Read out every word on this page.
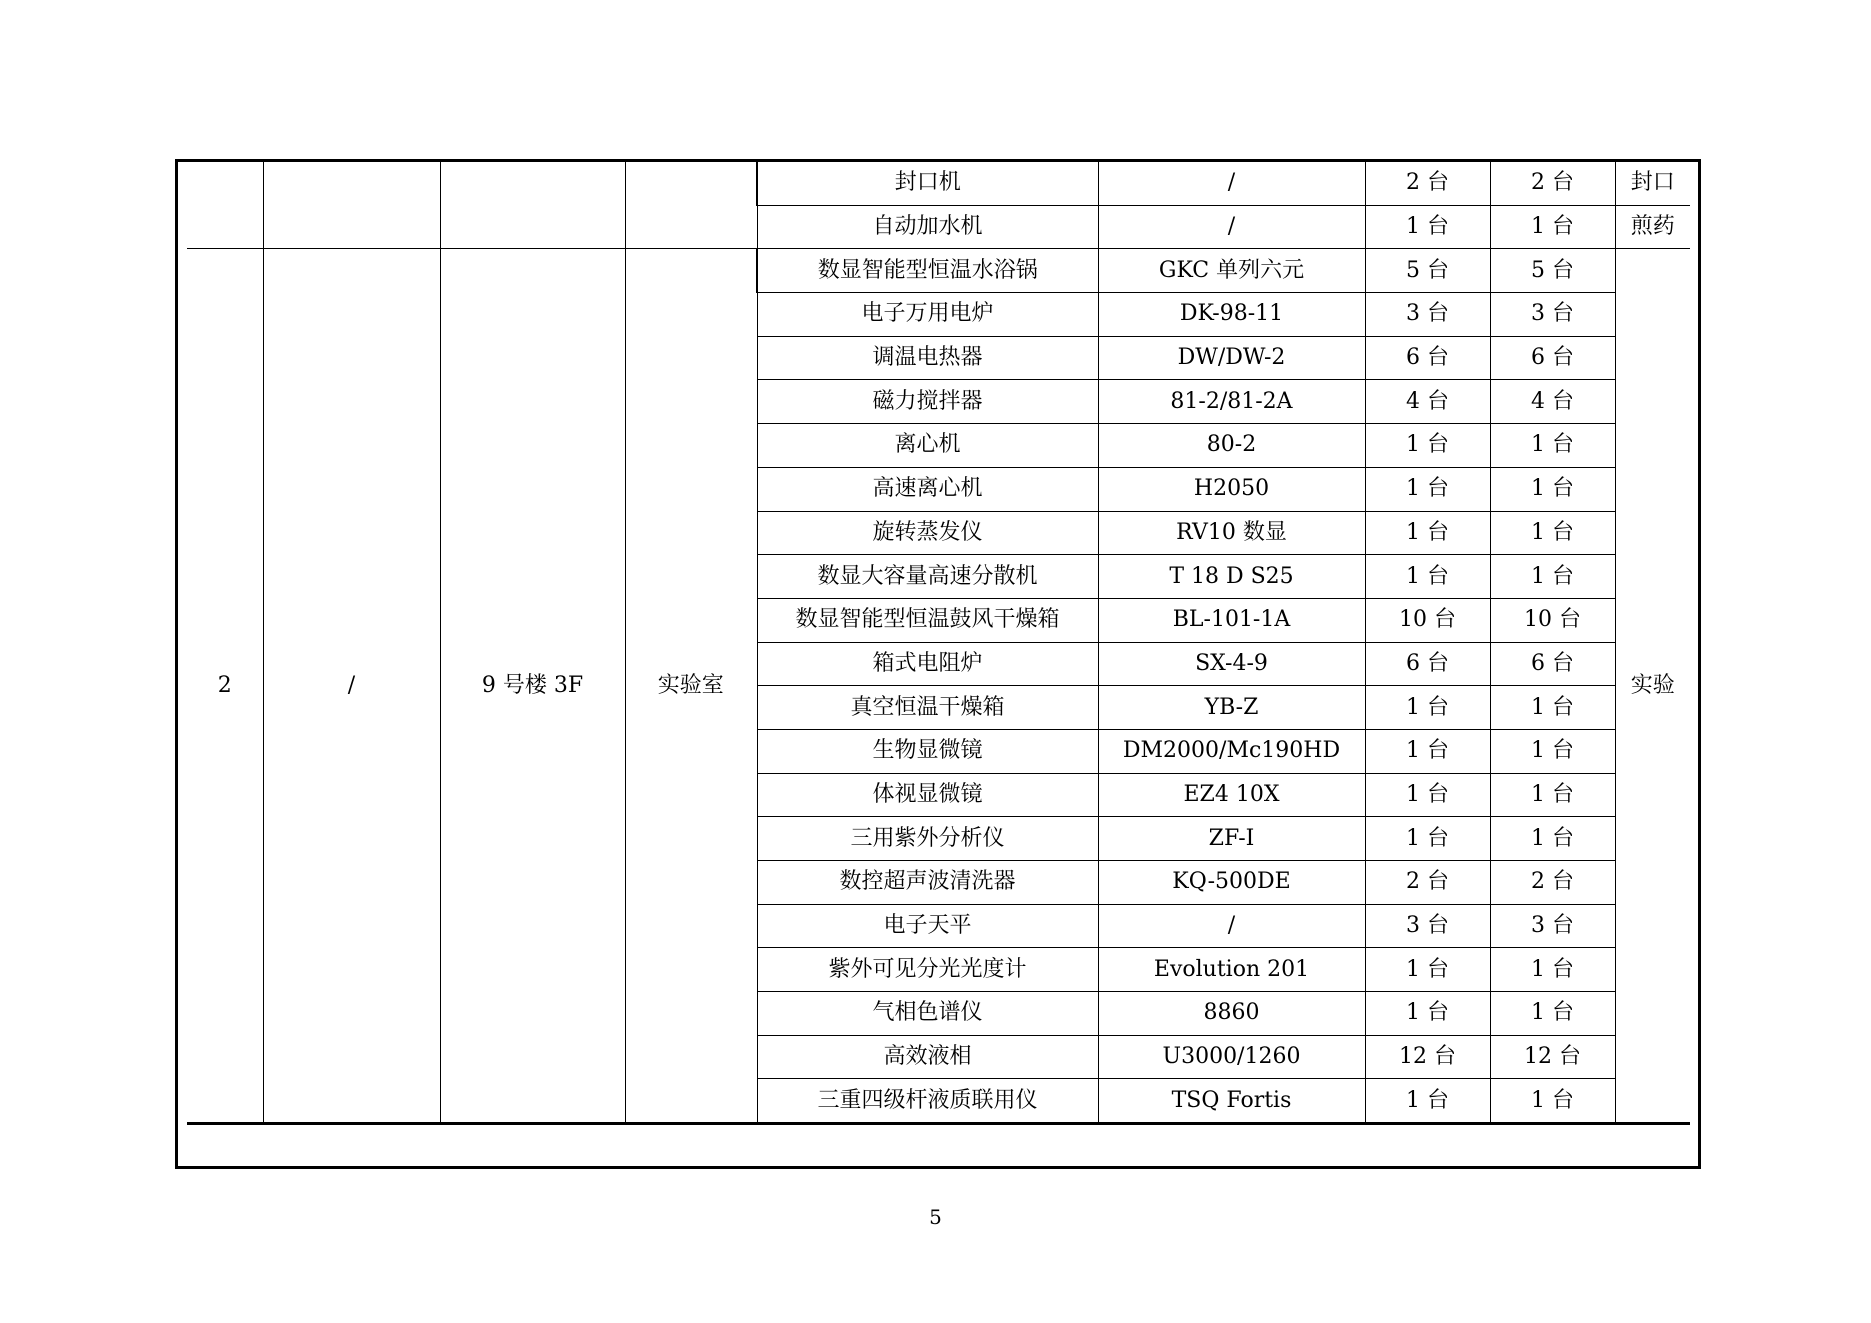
				封口机	/	2 台	2 台	封口
				自动加水机	/	1 台	1 台	煎药
2	/	9 号楼 3F	实验室	数显智能型恒温水浴锅	GKC 单列六元	5 台	5 台	实验
				电子万用电炉	DK-98-11	3 台	3 台	
				调温电热器	DW/DW-2	6 台	6 台	
				磁力搅拌器	81-2/81-2A	4 台	4 台	
				离心机	80-2	1 台	1 台	
				高速离心机	H2050	1 台	1 台	
				旋转蒸发仪	RV10 数显	1 台	1 台	
				数显大容量高速分散机	T 18 D S25	1 台	1 台	
				数显智能型恒温鼓风干燥箱	BL-101-1A	10 台	10 台	
				箱式电阻炉	SX-4-9	6 台	6 台	
				真空恒温干燥箱	YB-Z	1 台	1 台	
				生物显微镜	DM2000/Mc190HD	1 台	1 台	
				体视显微镜	EZ4 10X	1 台	1 台	
				三用紫外分析仪	ZF-I	1 台	1 台	
				数控超声波清洗器	KQ-500DE	2 台	2 台	
				电子天平	/	3 台	3 台	
				紫外可见分光光度计	Evolution 201	1 台	1 台	
				气相色谱仪	8860	1 台	1 台	
				高效液相	U3000/1260	12 台	12 台	
				三重四级杆液质联用仪	TSQ Fortis	1 台	1 台	
5
